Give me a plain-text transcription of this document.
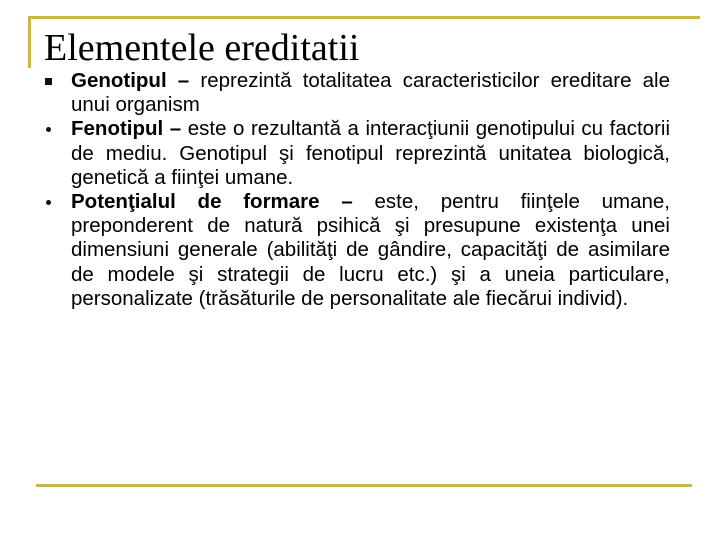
Elementele ereditatii
Genotipul – reprezintă totalitatea caracteristicilor ereditare ale unui organism
Fenotipul – este o rezultantă a interacţiunii genotipului cu factorii de mediu. Genotipul şi fenotipul reprezintă unitatea biologică, genetică a fiinţei umane.
Potenţialul de formare – este, pentru fiinţele umane, preponderent de natură psihică şi presupune existenţa unei dimensiuni generale (abilităţi de gândire, capacităţi de asimilare de modele şi strategii de lucru etc.) şi a uneia particulare, personalizate (trăsăturile de personalitate ale fiecărui individ).
